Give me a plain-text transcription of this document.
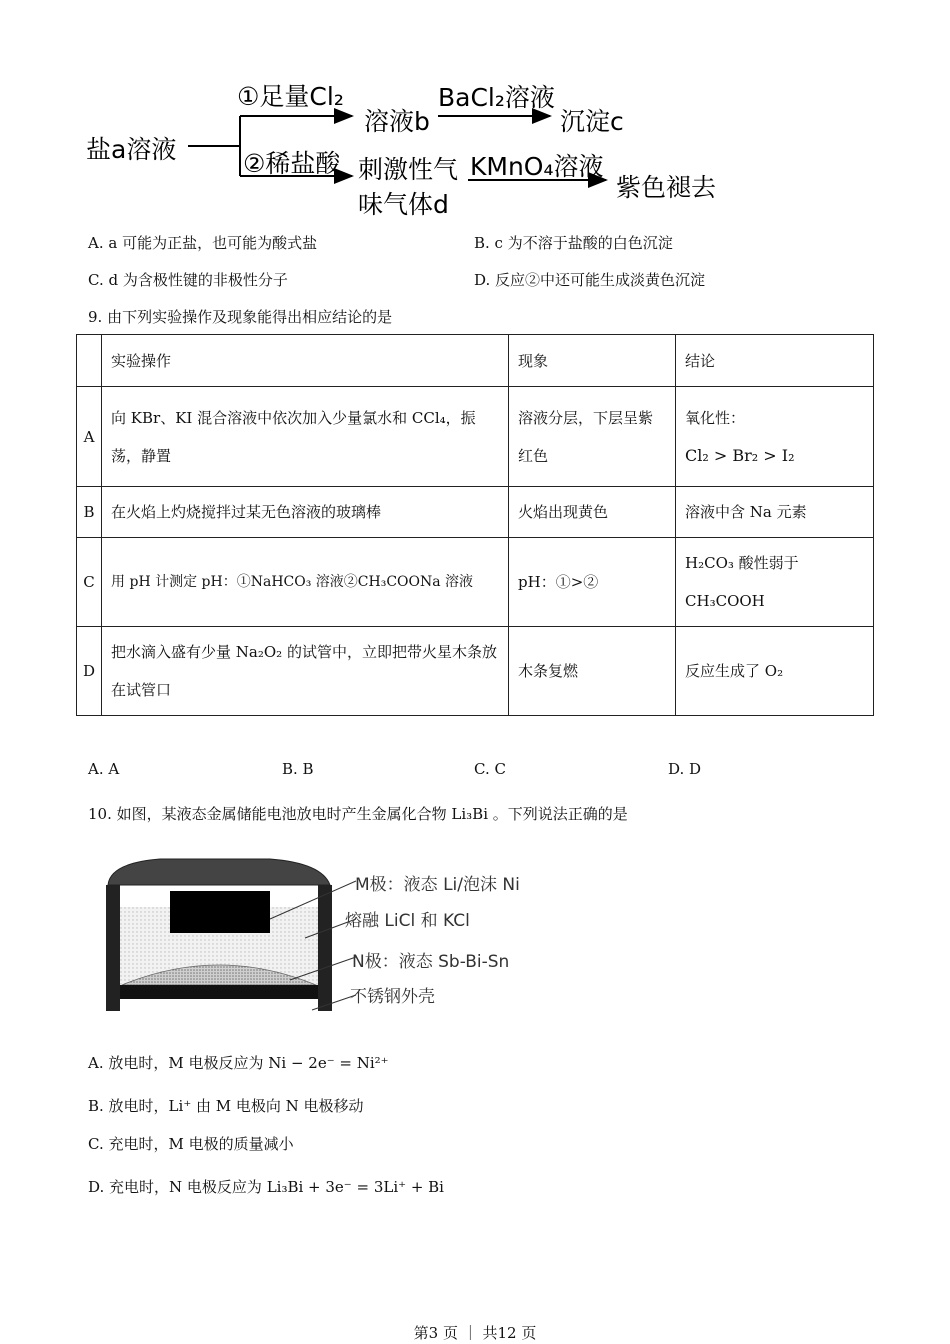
盐a溶液
①足量Cl₂
溶液b
BaCl₂溶液
沉淀c
②稀盐酸 刺激性气
味气体d
KMnO₄溶液
紫色褪去
A. a 可能为正盐，也可能为酸式盐	B. c 为不溶于盐酸的白色沉淀
C. d 为含极性键的非极性分子	D. 反应②中还可能生成淡黄色沉淀
9. 由下列实验操作及现象能得出相应结论的是
	实验操作	现象	结论
A	向 KBr、KI 混合溶液中依次加入少量氯水和 CCl₄，振荡，静置	溶液分层，下层呈紫红色	氧化性：
Cl₂ > Br₂ > I₂

B	在火焰上灼烧搅拌过某无色溶液的玻璃棒	火焰出现黄色	溶液中含 Na 元素
C	用 pH 计测定 pH：①NaHCO₃ 溶液②CH₃COONa 溶液	pH：①>②	H₂CO₃ 酸性弱于
CH₃COOH

D	把水滴入盛有少量 Na₂O₂ 的试管中，立即把带火星木条放在试管口	木条复燃	反应生成了 O₂
A. A	B. B	C. C	D. D
10. 如图，某液态金属储能电池放电时产生金属化合物 Li₃Bi 。下列说法正确的是
M极：液态 Li/泡沫 Ni
熔融 LiCl 和 KCl
N极：液态 Sb-Bi-Sn
不锈钢外壳
A. 放电时，M 电极反应为 Ni − 2e⁻ = Ni²⁺
B. 放电时，Li⁺ 由 M 电极向 N 电极移动
C. 充电时，M 电极的质量减小
D. 充电时，N 电极反应为 Li₃Bi + 3e⁻ = 3Li⁺ + Bi
第3 页 ｜ 共12 页
